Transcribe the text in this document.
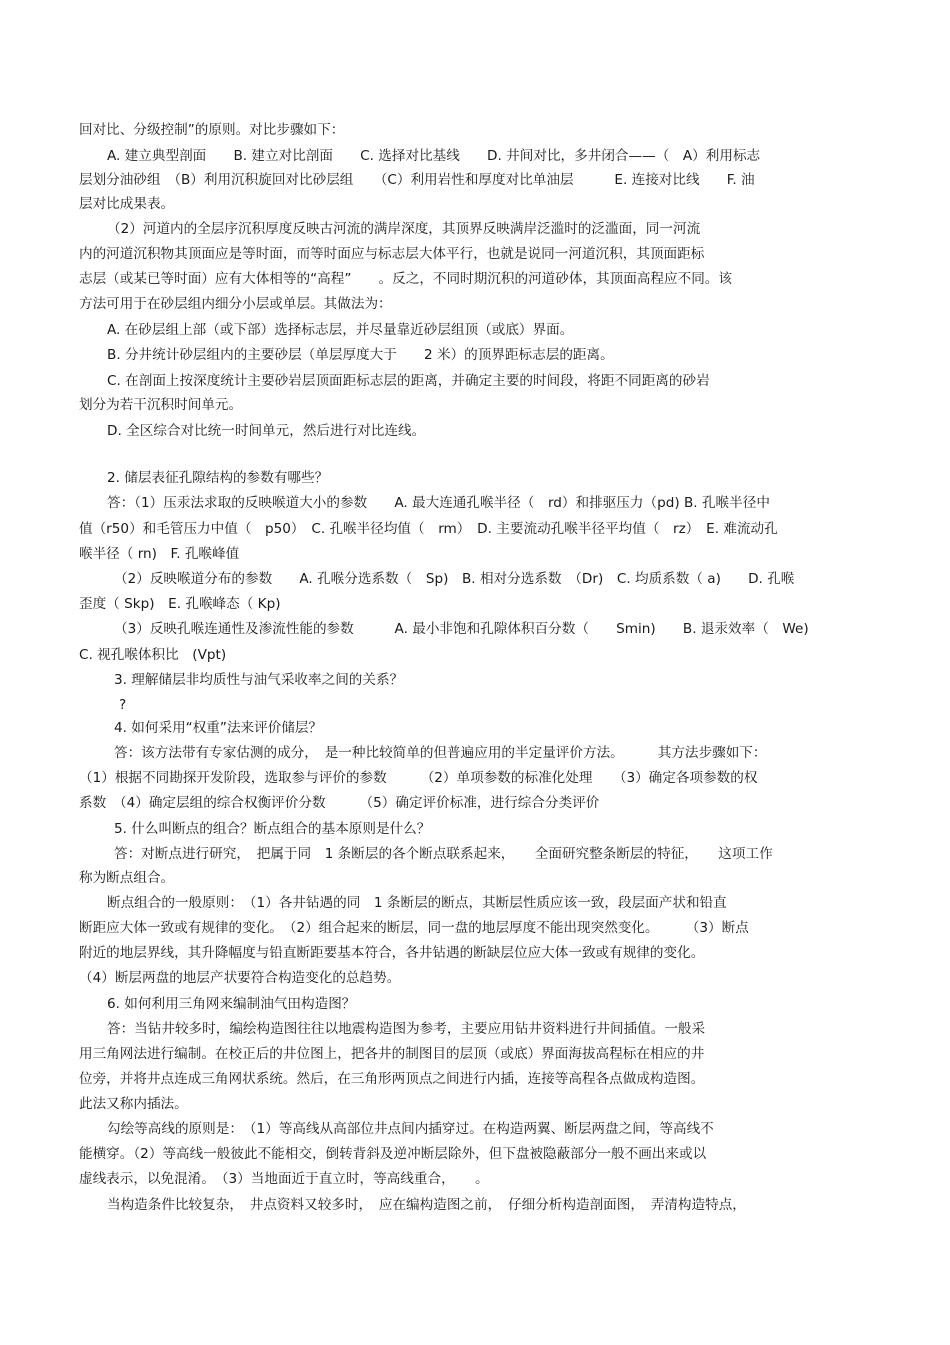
回对比、分级控制”的原则。对比步骤如下：
A. 建立典型剖面　　B. 建立对比剖面　　C. 选择对比基线　　D. 井间对比，多井闭合——（　A）利用标志
层划分油砂组　（B）利用沉积旋回对比砂层组　　（C）利用岩性和厚度对比单油层　　　E. 连接对比线　　F. 油
层对比成果表。
（2）河道内的全层序沉积厚度反映古河流的满岸深度，其顶界反映满岸泛滥时的泛滥面，同一河流
内的河道沉积物其顶面应是等时面，而等时面应与标志层大体平行，也就是说同一河道沉积，其顶面距标
志层（或某已等时面）应有大体相等的“高程”　　。反之，不同时期沉积的河道砂体，其顶面高程应不同。该
方法可用于在砂层组内细分小层或单层。其做法为：
A. 在砂层组上部（或下部）选择标志层，并尽量靠近砂层组顶（或底）界面。
B. 分井统计砂层组内的主要砂层（单层厚度大于　　2 米）的顶界距标志层的距离。
C. 在剖面上按深度统计主要砂岩层顶面距标志层的距离，并确定主要的时间段，将距不同距离的砂岩
划分为若干沉积时间单元。
D. 全区综合对比统一时间单元，然后进行对比连线。
2. 储层表征孔隙结构的参数有哪些？
答：（1）压汞法求取的反映喉道大小的参数　　A. 最大连通孔喉半径（　rd）和排驱压力（pd) B. 孔喉半径中
值（r50）和毛管压力中值（　p50）　C. 孔喉半径均值（　rm）　D. 主要流动孔喉半径平均值（　rz）　E. 难流动孔
喉半径（ rn)　F. 孔喉峰值
（2）反映喉道分布的参数　　A. 孔喉分选系数（　Sp)　B. 相对分选系数　（Dr)　C. 均质系数（ a)　　D. 孔喉
歪度（ Skp)　E. 孔喉峰态（ Kp)
（3）反映孔喉连通性及渗流性能的参数　　　A. 最小非饱和孔隙体积百分数（　　Smin)　　B. 退汞效率（　We)
C. 视孔喉体积比　(Vpt)
3. 理解储层非均质性与油气采收率之间的关系？
?
4. 如何采用“权重”法来评价储层？
答：该方法带有专家估测的成分，　是一种比较简单的但普遍应用的半定量评价方法。　　　其方法步骤如下：
（1）根据不同勘探开发阶段，选取参与评价的参数　　　（2）单项参数的标准化处理　　（3）确定各项参数的权
系数　（4）确定层组的综合权衡评价分数　　　（5）确定评价标准，进行综合分类评价
5. 什么叫断点的组合？断点组合的基本原则是什么？
答：对断点进行研究，　把属于同　1 条断层的各个断点联系起来，　　全面研究整条断层的特征，　　这项工作
称为断点组合。
断点组合的一般原则：　（1）各井钻遇的同　1 条断层的断点，其断层性质应该一致，段层面产状和铅直
断距应大体一致或有规律的变化。　（2）组合起来的断层，同一盘的地层厚度不能出现突然变化。　　　（3）断点
附近的地层界线，其升降幅度与铅直断距要基本符合，各井钻遇的断缺层位应大体一致或有规律的变化。
（4）断层两盘的地层产状要符合构造变化的总趋势。
6. 如何利用三角网来编制油气田构造图？
答：当钻井较多时，编绘构造图往往以地震构造图为参考，主要应用钻井资料进行井间插值。一般采
用三角网法进行编制。在校正后的井位图上，把各井的制图目的层顶（或底）界面海拔高程标在相应的井
位旁，并将井点连成三角网状系统。然后，在三角形两顶点之间进行内插，连接等高程各点做成构造图。
此法又称内插法。
勾绘等高线的原则是：　（1）等高线从高部位井点间内插穿过。在构造两翼、断层两盘之间，等高线不
能横穿。（2）等高线一般彼此不能相交，倒转背斜及逆冲断层除外，但下盘被隐蔽部分一般不画出来或以
虚线表示，以免混淆。　（3）当地面近于直立时，等高线重合，　　。
当构造条件比较复杂，　井点资料又较多时，　应在编构造图之前，　仔细分析构造剖面图，　弄清构造特点，
